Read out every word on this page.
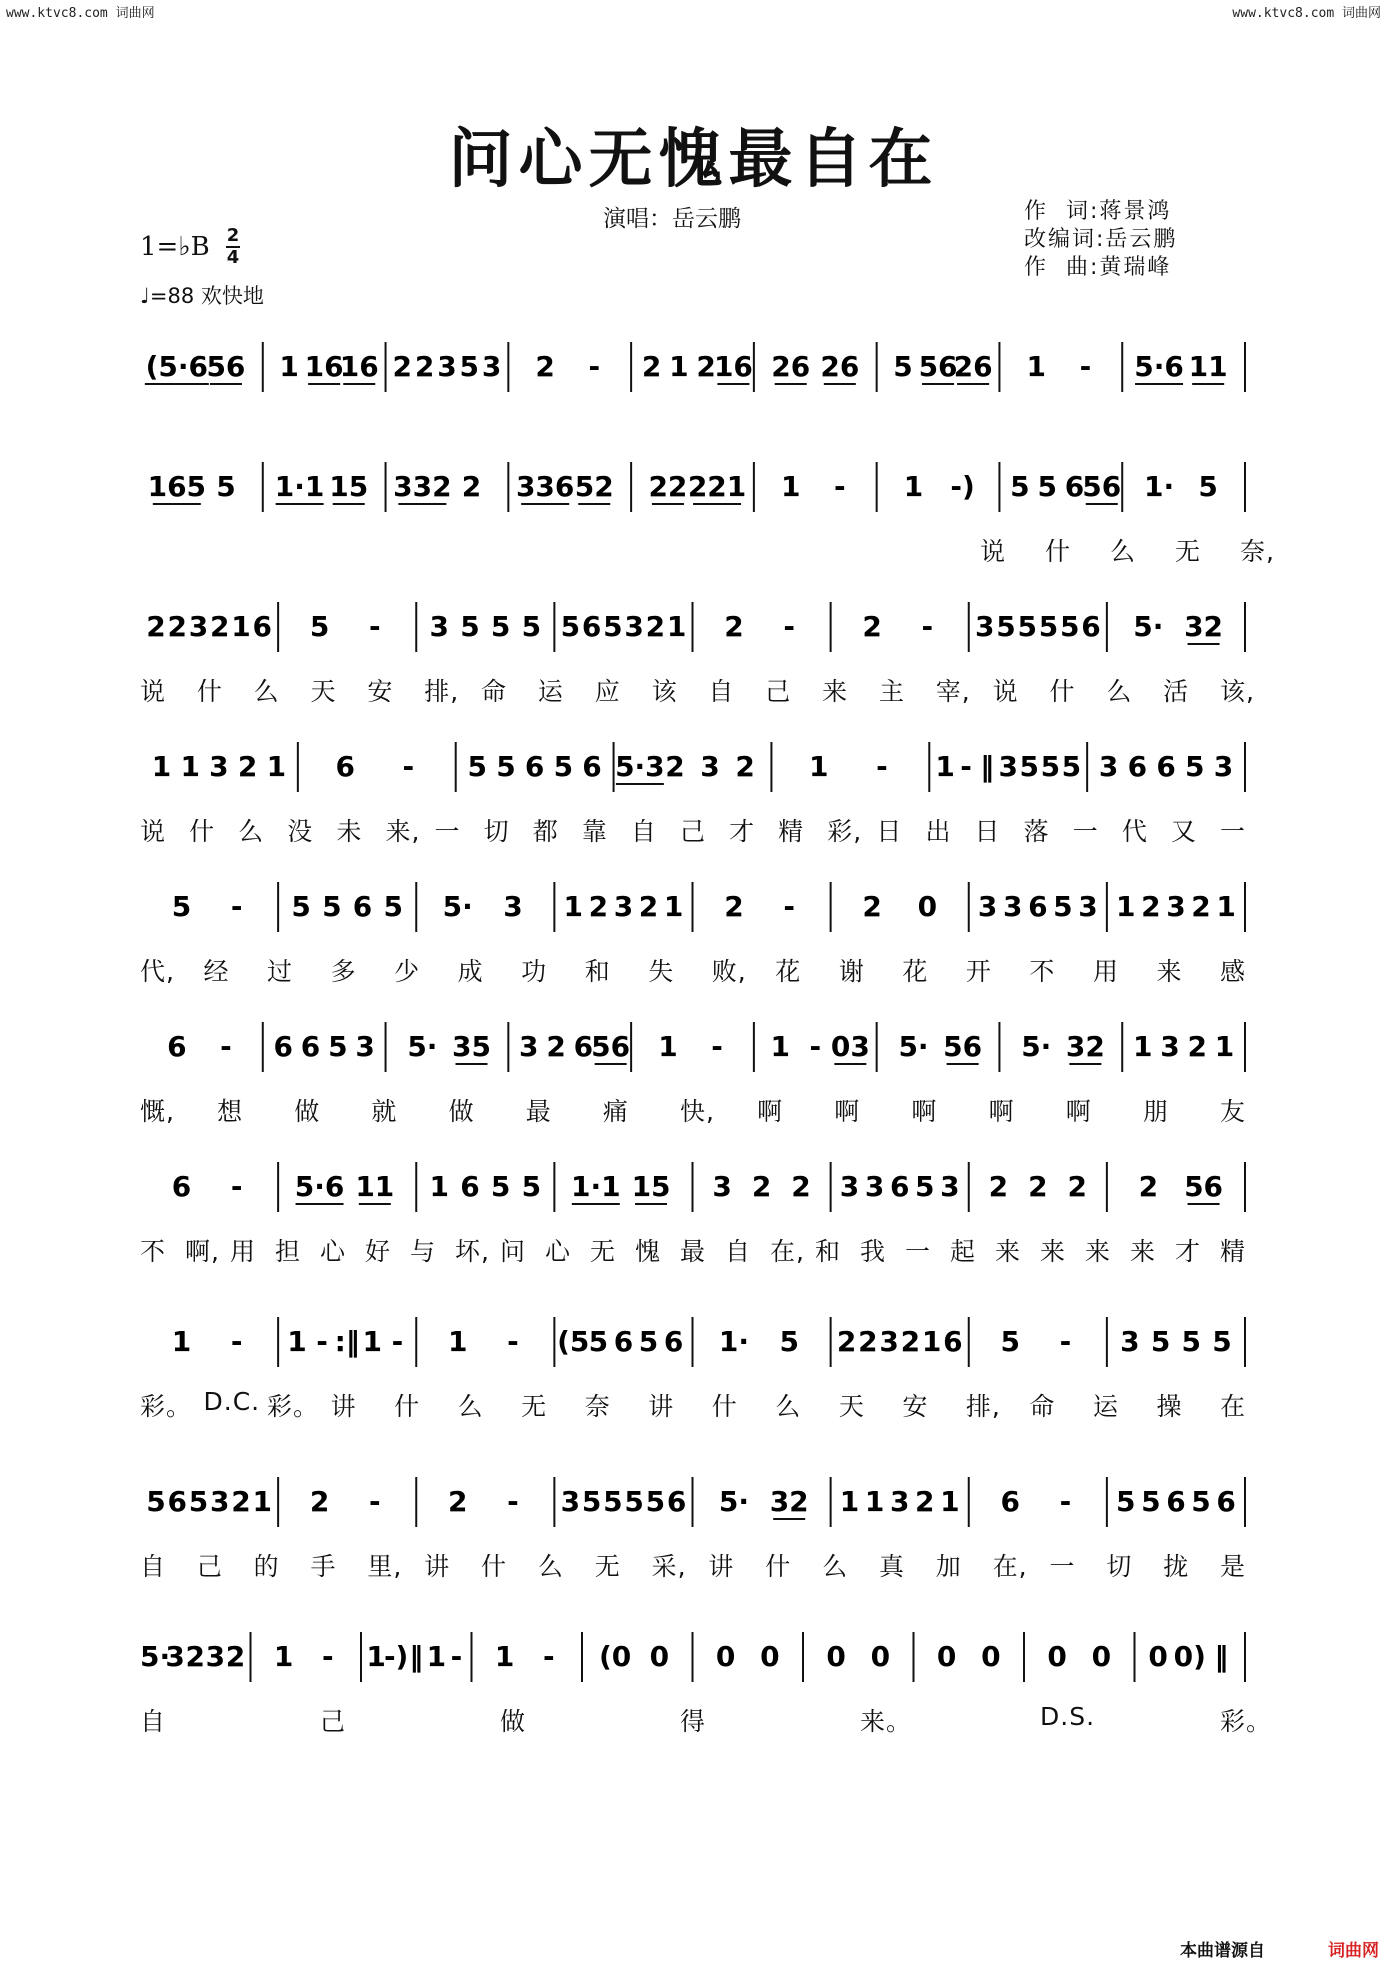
www.ktvc8.com 词曲网	www.ktvc8.com 词曲网
问心无愧最自在
演唱：岳云鹏	作  词:蒋景鸿
改编词:岳云鹏
作  曲:黄瑞峰
1=♭B 2
4
♩=88 欢快地
(5·6
56 1 16
16 2 2 3 5 3 2 - 2 1 2
16 26 26 5 56
26 1 - 5·6 11
165 5 1·1 15 332 2 336 52 22 221 1 - 1 -) 5 5 6
56 1· 5
说 什 么 无 奈,
2 2 3 2 1 6 5 - 3 5 5 5 5 6 5 3 2 1 2 - 2 - 3 5 5 5 5 6 5· 32
说 什 么 天 安 排, 命 运 应 该 自 己 来 主 宰, 说 什 么 活 该,
1 1 3 2 1 6 - 5 5 6 5 6 5·3 2 3 2 1 - 1 - ‖ 3 5 5 5 3 6 6 5 3
说 什 么 没 未 来, 一 切 都 靠 自 己 才 精 彩, 日 出 日 落 一 代 又 一
5 - 5 5 6 5 5· 3 1 2 3 2 1 2 - 2 0 3 3 6 5 3 1 2 3 2 1
代, 经 过 多 少 成 功 和 失 败, 花 谢 花 开 不 用 来 感
6 - 6 6 5 3 5· 35 3 2 6
56 1 - 1 - 03 5· 56 5· 32 1 3 2 1
慨, 想 做 就 做 最 痛 快, 啊 啊 啊 啊 啊 朋 友
6 - 5·6 11 1 6 5 5 1·1 15 3 2 2 3 3 6 5 3 2 2 2 2 56
不 啊, 用 担 心 好 与 坏, 问 心 无 愧 最 自 在, 和 我 一 起 来 来 来 来 才 精
1 - 1 - :‖ 1 - 1 - (5 5 6 5 6 1· 5 2 2 3 2 1 6 5 - 3 5 5 5
彩。 D.C. 彩。 讲 什 么 无 奈 讲 什 么 天 安 排, 命 运 操 在
5 6 5 3 2 1 2 - 2 - 3 5 5 5 5 6 5· 32 1 1 3 2 1 6 - 5 5 6 5 6
自 己 的 手 里, 讲 什 么 无 采, 讲 什 么 真 加 在, 一 切 拢 是
5·
3 2 3 2 1 - 1
-) ‖ 1 - 1 - (0 0 0 0 0 0 0 0 0 0 0 0) ‖
自	己	做	得	来。	D.S.	彩。
本曲谱源自	词曲网
